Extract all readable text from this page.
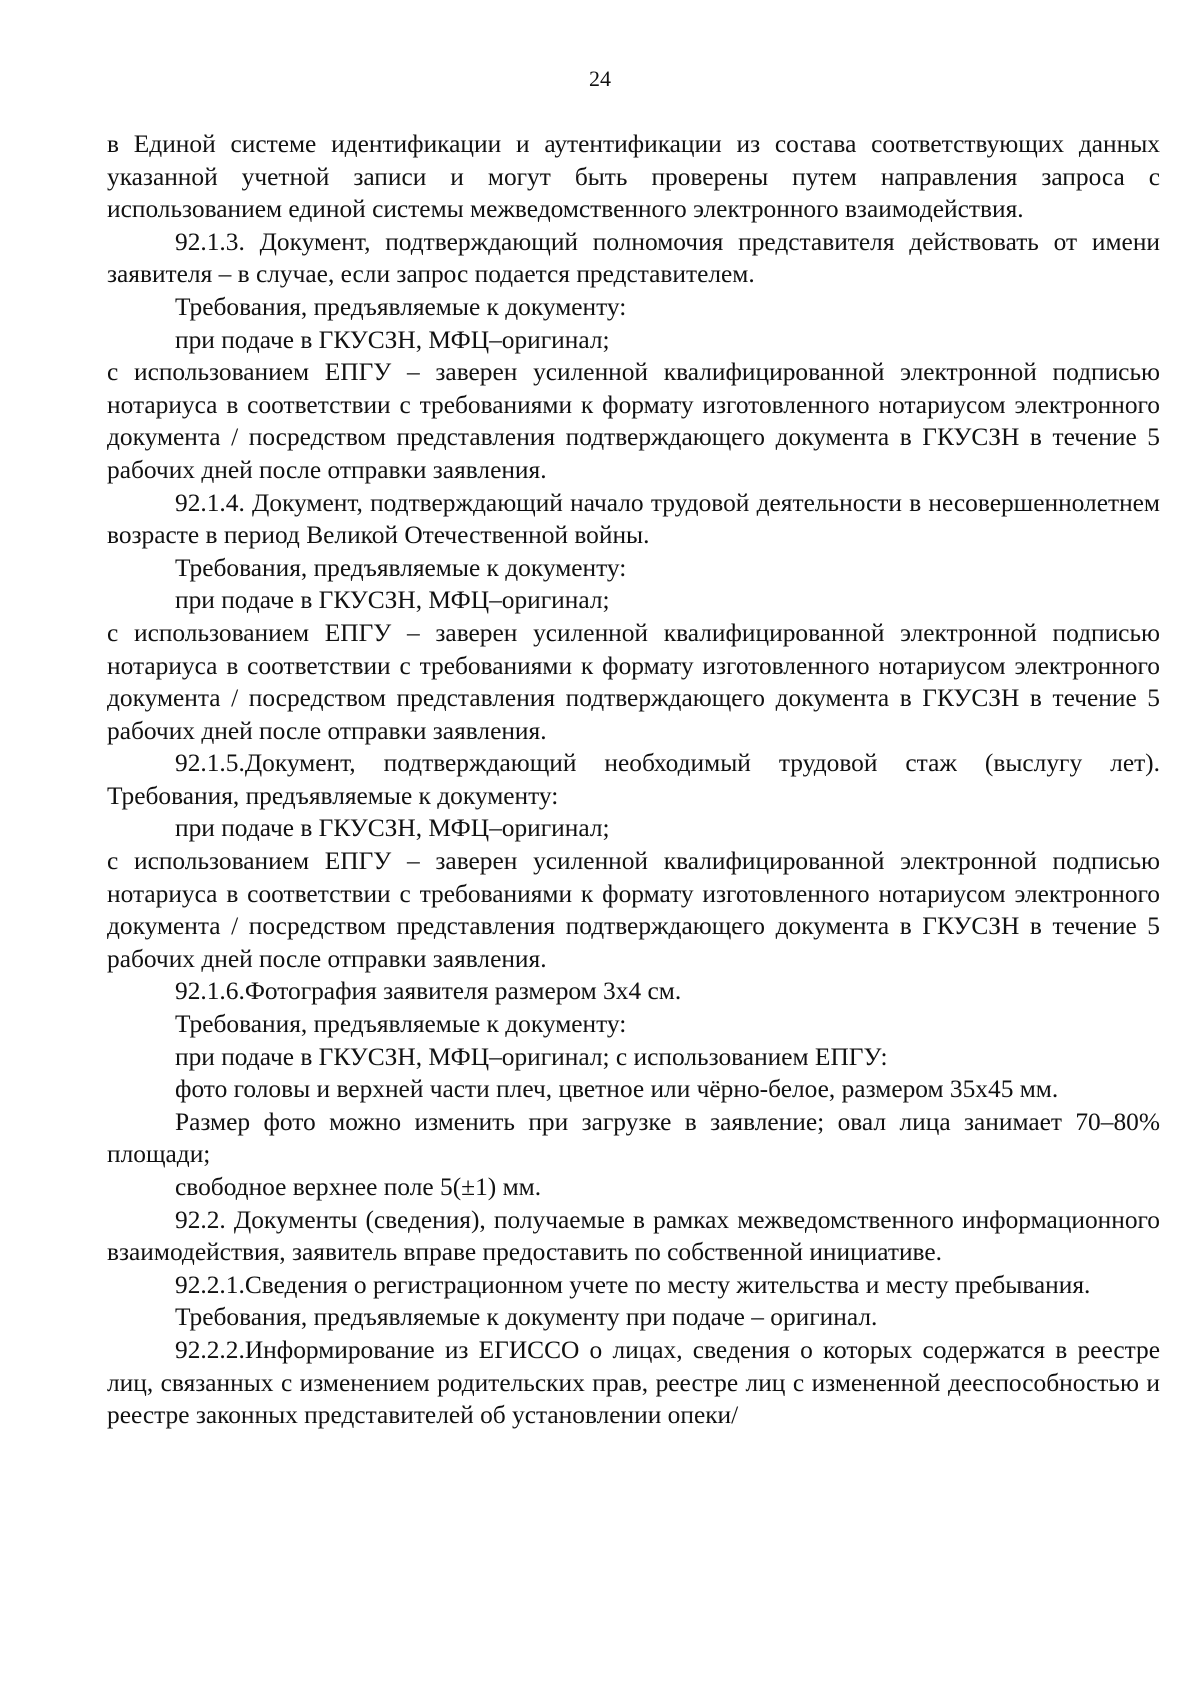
24

в Единой системе идентификации и аутентификации из состава соответствующих данных указанной учетной записи и могут быть проверены путем направления запроса с использованием единой системы межведомственного электронного взаимодействия.

92.1.3. Документ, подтверждающий полномочия представителя действовать от имени заявителя – в случае, если запрос подается представителем.

Требования, предъявляемые к документу:

при подаче в ГКУСЗН, МФЦ–оригинал;

с использованием ЕПГУ – заверен усиленной квалифицированной электронной подписью нотариуса в соответствии с требованиями к формату изготовленного нотариусом электронного документа / посредством представления подтверждающего документа в ГКУСЗН в течение 5 рабочих дней после отправки заявления.

92.1.4. Документ, подтверждающий начало трудовой деятельности в несовершеннолетнем возрасте в период Великой Отечественной войны.

Требования, предъявляемые к документу:

при подаче в ГКУСЗН, МФЦ–оригинал;

с использованием ЕПГУ – заверен усиленной квалифицированной электронной подписью нотариуса в соответствии с требованиями к формату изготовленного нотариусом электронного документа / посредством представления подтверждающего документа в ГКУСЗН в течение 5 рабочих дней после отправки заявления.

92.1.5.Документ, подтверждающий необходимый трудовой стаж (выслугу лет). Требования, предъявляемые к документу:

при подаче в ГКУСЗН, МФЦ–оригинал;

с использованием ЕПГУ – заверен усиленной квалифицированной электронной подписью нотариуса в соответствии с требованиями к формату изготовленного нотариусом электронного документа / посредством представления подтверждающего документа в ГКУСЗН в течение 5 рабочих дней после отправки заявления.

92.1.6.Фотография заявителя размером 3х4 см.

Требования, предъявляемые к документу:

при подаче в ГКУСЗН, МФЦ–оригинал; с использованием ЕПГУ:

фото головы и верхней части плеч, цветное или чёрно-белое, размером 35х45 мм.

Размер фото можно изменить при загрузке в заявление; овал лица занимает 70–80% площади;

свободное верхнее поле 5(±1) мм.

92.2. Документы (сведения), получаемые в рамках межведомственного информационного взаимодействия, заявитель вправе предоставить по собственной инициативе.

92.2.1.Сведения о регистрационном учете по месту жительства и месту пребывания.

Требования, предъявляемые к документу при подаче – оригинал.

92.2.2.Информирование из ЕГИССО о лицах, сведения о которых содержатся в реестре лиц, связанных с изменением родительских прав, реестре лиц с измененной дееспособностью и реестре законных представителей об установлении опеки/
